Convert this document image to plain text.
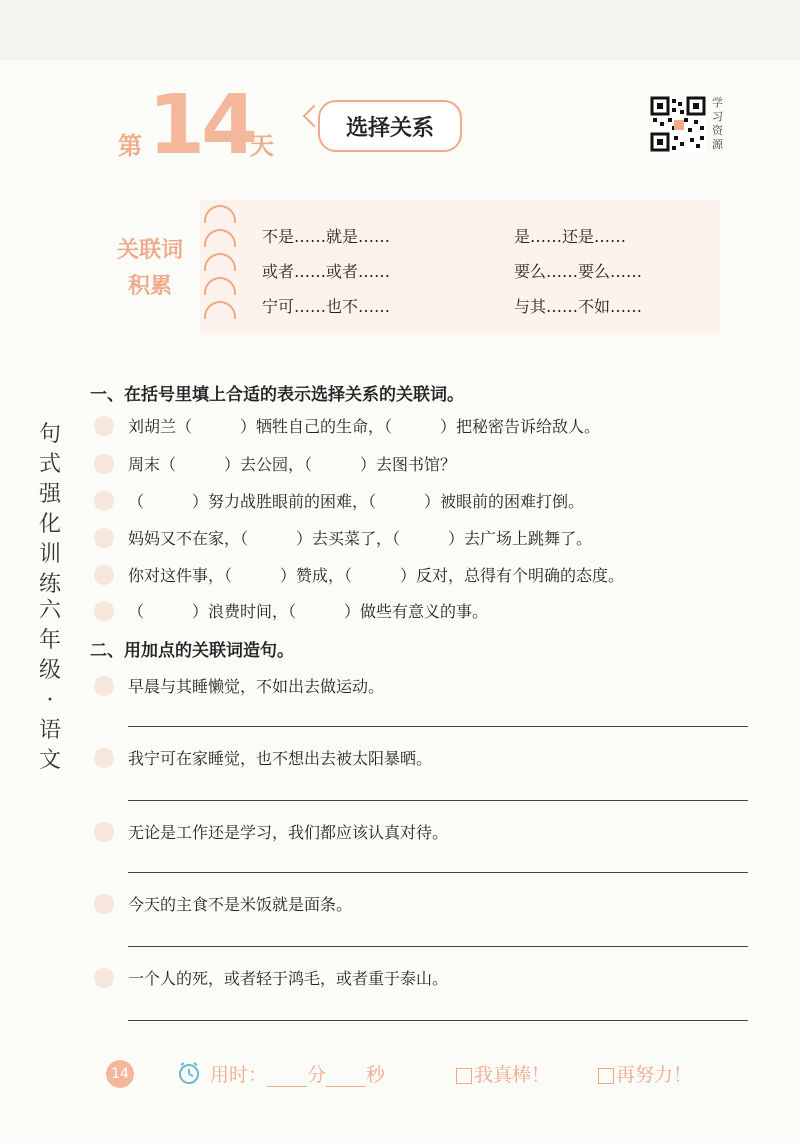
第 14
天
选择关系
学
习
资
源
关联词
积累
不是……就是……	是……还是……
或者……或者……	要么……要么……
宁可……也不……	与其……不如……
句
式
强
化
训
练
六
年
级
·
语
文
一、在括号里填上合适的表示选择关系的关联词。
刘胡兰（　　　）牺牲自己的生命，（　　　）把秘密告诉给敌人。
周末（　　　）去公园，（　　　）去图书馆？
（　　　）努力战胜眼前的困难，（　　　）被眼前的困难打倒。
妈妈又不在家，（　　　）去买菜了，（　　　）去广场上跳舞了。
你对这件事，（　　　）赞成，（　　　）反对，总得有个明确的态度。
（　　　）浪费时间，（　　　）做些有意义的事。
二、用加点的关联词造句。
早晨与其睡懒觉，不如出去做运动。
我宁可在家睡觉，也不想出去被太阳暴晒。
无论是工作还是学习，我们都应该认真对待。
今天的主食不是米饭就是面条。
一个人的死，或者轻于鸿毛，或者重于泰山。
14	用时： 分 秒	我真棒！	再努力！
